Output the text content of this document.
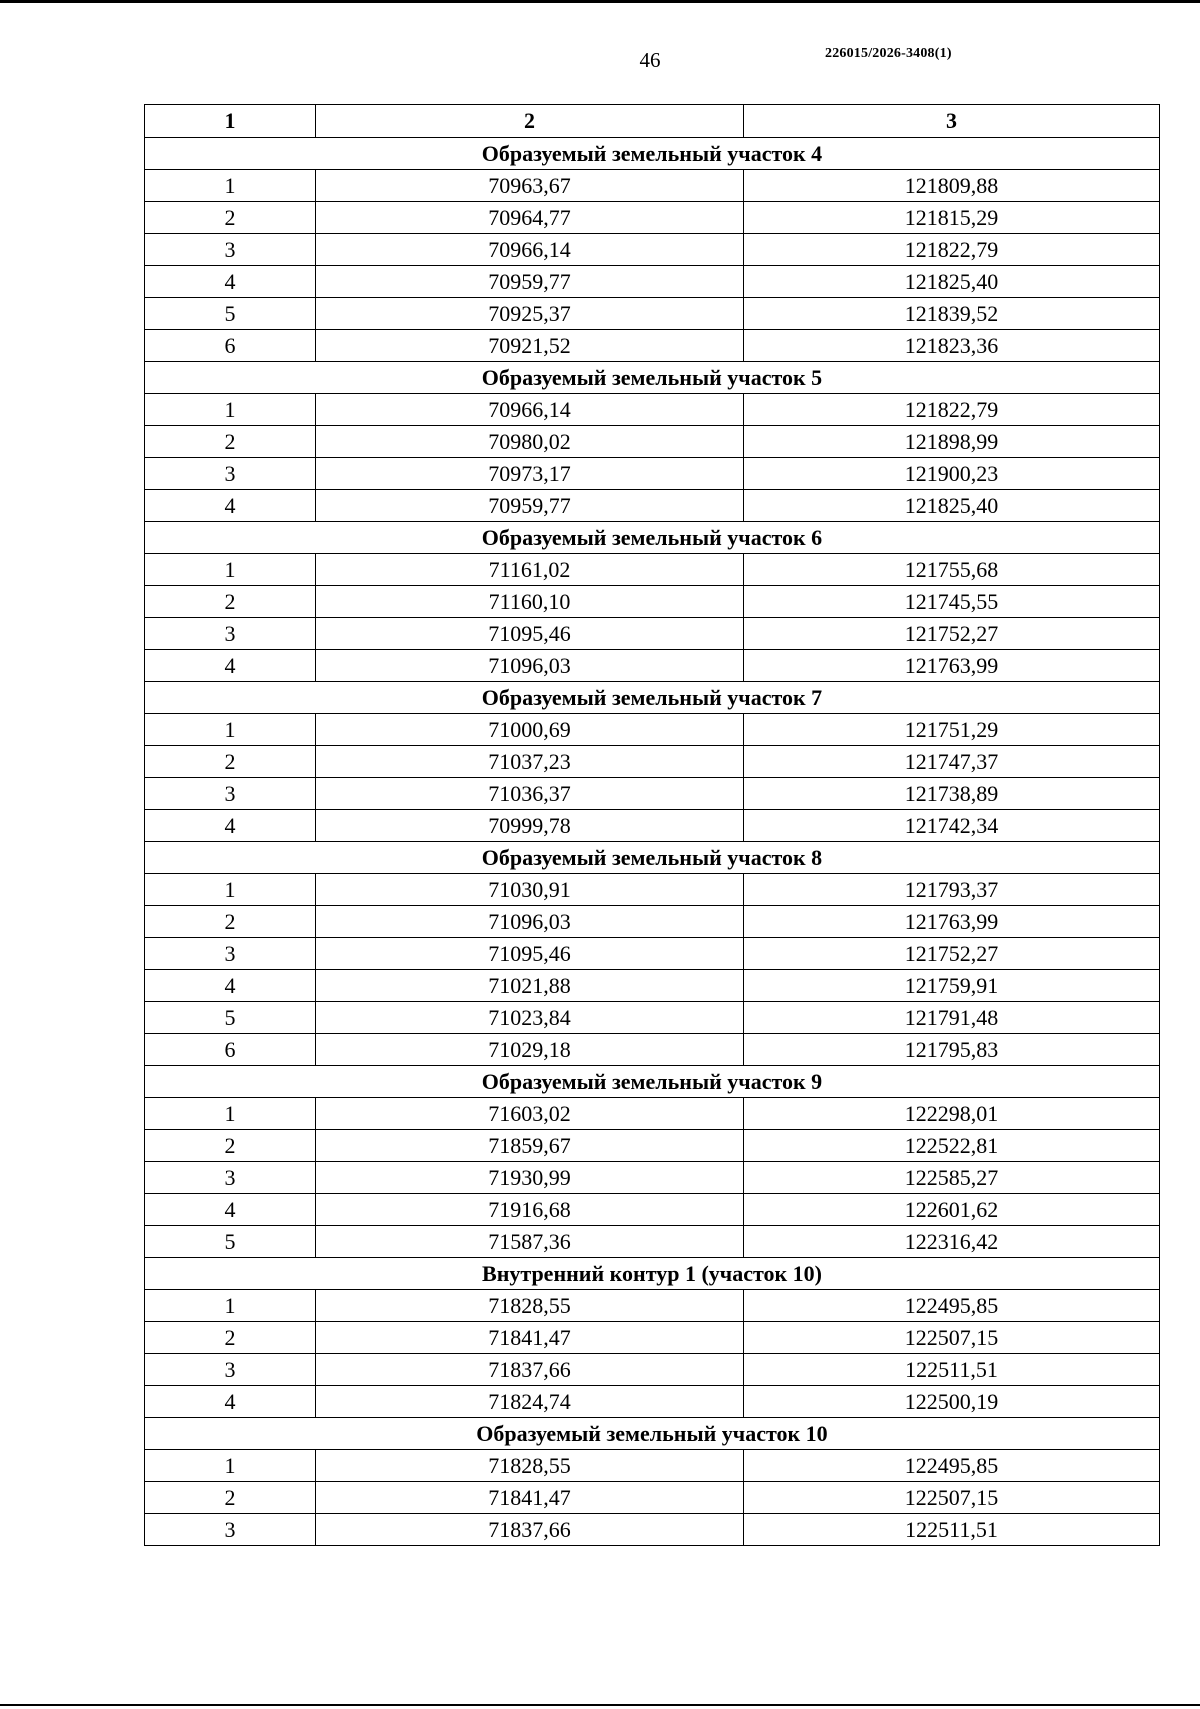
46	226015/2026-3408(1)
1	2	3
Образуемый земельный участок 4		
1	70963,67	121809,88
2	70964,77	121815,29
3	70966,14	121822,79
4	70959,77	121825,40
5	70925,37	121839,52
6	70921,52	121823,36
Образуемый земельный участок 5		
1	70966,14	121822,79
2	70980,02	121898,99
3	70973,17	121900,23
4	70959,77	121825,40
Образуемый земельный участок 6		
1	71161,02	121755,68
2	71160,10	121745,55
3	71095,46	121752,27
4	71096,03	121763,99
Образуемый земельный участок 7		
1	71000,69	121751,29
2	71037,23	121747,37
3	71036,37	121738,89
4	70999,78	121742,34
Образуемый земельный участок 8		
1	71030,91	121793,37
2	71096,03	121763,99
3	71095,46	121752,27
4	71021,88	121759,91
5	71023,84	121791,48
6	71029,18	121795,83
Образуемый земельный участок 9		
1	71603,02	122298,01
2	71859,67	122522,81
3	71930,99	122585,27
4	71916,68	122601,62
5	71587,36	122316,42
Внутренний контур 1 (участок 10)		
1	71828,55	122495,85
2	71841,47	122507,15
3	71837,66	122511,51
4	71824,74	122500,19
Образуемый земельный участок 10		
1	71828,55	122495,85
2	71841,47	122507,15
3	71837,66	122511,51
